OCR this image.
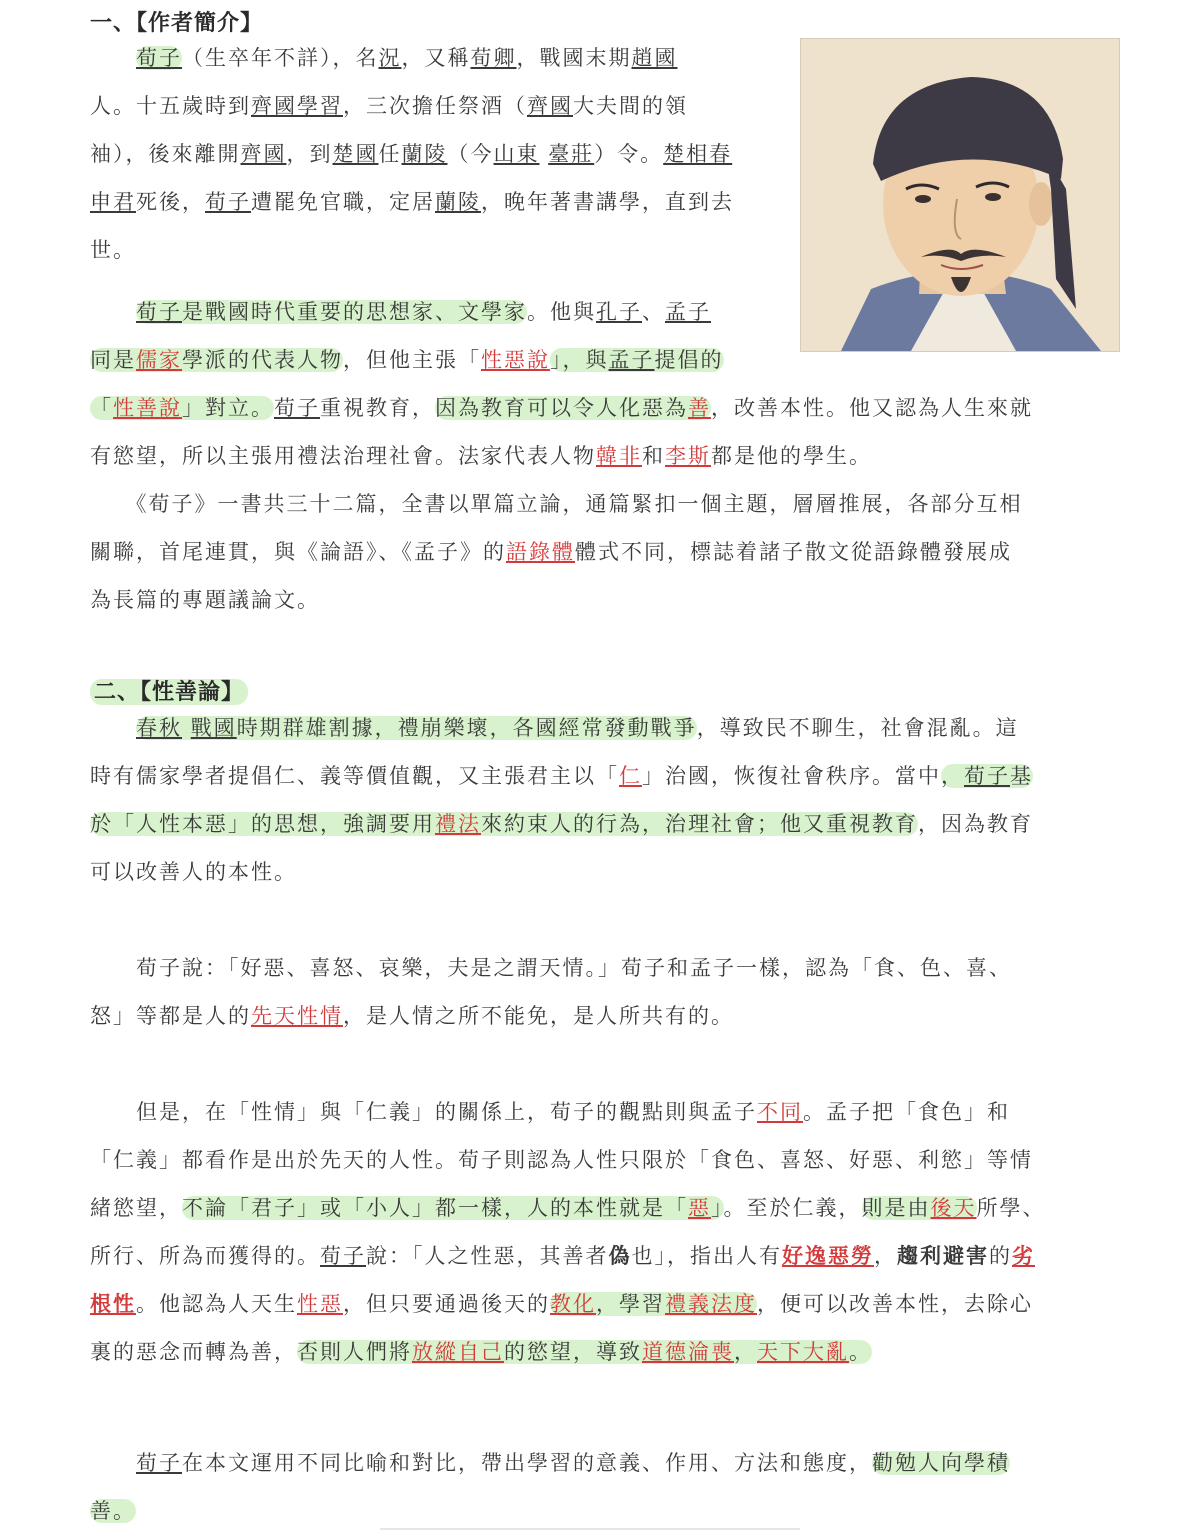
一、【作者簡介】
　　荀子（生卒年不詳），名況，又稱荀卿，戰國末期趙國
人。十五歲時到齊國學習，三次擔任祭酒（齊國大夫間的領
袖），後來離開齊國，到楚國任蘭陵（今山東 臺莊）令。楚相春
申君死後，荀子遭罷免官職，定居蘭陵，晚年著書講學，直到去
世。
　　荀子是戰國時代重要的思想家、文學家。他與孔子、孟子
同是儒家學派的代表人物，但他主張「性惡說」，與孟子提倡的
「性善說」對立。荀子重視教育，因為教育可以令人化惡為善，改善本性。他又認為人生來就
有慾望，所以主張用禮法治理社會。法家代表人物韓非和李斯都是他的學生。
　　《荀子》一書共三十二篇，全書以單篇立論，通篇緊扣一個主題，層層推展，各部分互相
關聯，首尾連貫，與《論語》、《孟子》的語錄體體式不同，標誌着諸子散文從語錄體發展成
為長篇的專題議論文。
二、【性善論】
　　春秋 戰國時期群雄割據，禮崩樂壞，各國經常發動戰爭，導致民不聊生，社會混亂。這
時有儒家學者提倡仁、義等價值觀，又主張君主以「仁」治國，恢復社會秩序。當中，荀子基
於「人性本惡」的思想，強調要用禮法來約束人的行為，治理社會；他又重視教育，因為教育
可以改善人的本性。
　　荀子說：「好惡、喜怒、哀樂，夫是之謂天情。」荀子和孟子一樣，認為「食、色、喜、
怒」等都是人的先天性情，是人情之所不能免，是人所共有的。
　　但是，在「性情」與「仁義」的關係上，荀子的觀點則與孟子不同。孟子把「食色」和
「仁義」都看作是出於先天的人性。荀子則認為人性只限於「食色、喜怒、好惡、利慾」等情
緒慾望，不論「君子」或「小人」都一樣，人的本性就是「惡」。至於仁義，則是由後天所學、
所行、所為而獲得的。荀子說：「人之性惡，其善者偽也」，指出人有好逸惡勞，趨利避害的劣
根性。他認為人天生性惡，但只要通過後天的教化，學習禮義法度，便可以改善本性，去除心
裏的惡念而轉為善，否則人們將放縱自己的慾望，導致道德淪喪，天下大亂。
　　荀子在本文運用不同比喻和對比，帶出學習的意義、作用、方法和態度，勸勉人向學積
善。
